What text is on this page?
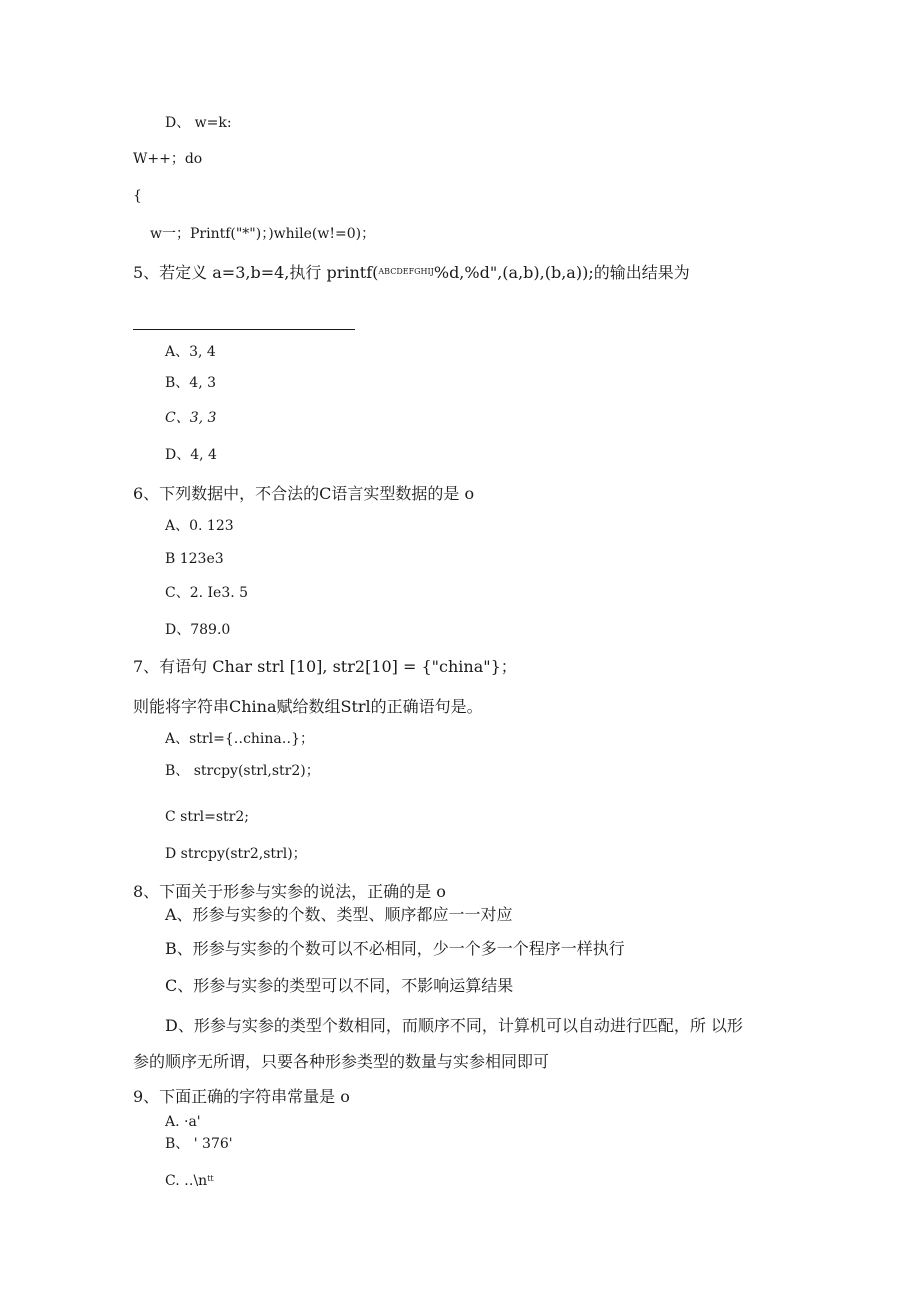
D、 w=k:
W++；do
{
w一；Printf("*")；)while(w!=0)；
5、若定义 a=3,b=4,执行 printf($^{ABCDEFGHIJ}$%d,%d",(a,b),(b,a));的输出结果为
A、3, 4
B、4, 3
C、3, 3
D、4, 4
6、下列数据中，不合法的C语言实型数据的是 o
A、0. 123
B 123e3
C、2. Ie3. 5
D、789.0
7、有语句 Char strl [10], str2[10] = {"china"}；
则能将字符串China赋给数组Strl的正确语句是。
A、strl={‥china‥}；
B、 strcpy(strl,str2)；
C strl=str2;
D strcpy(str2,strl)；
8、下面关于形参与实参的说法，正确的是 o
A、形参与实参的个数、类型、顺序都应一一对应
B、形参与实参的个数可以不必相同，少一个多一个程序一样执行
C、形参与实参的类型可以不同，不影响运算结果
D、形参与实参的类型个数相同，而顺序不同，计算机可以自动进行匹配，所 以形
参的顺序无所谓，只要各种形参类型的数量与实参相同即可
9、下面正确的字符串常量是 o
A. ·a'
B、 ' 376'
C. $‥\backslash n^{tt}$
